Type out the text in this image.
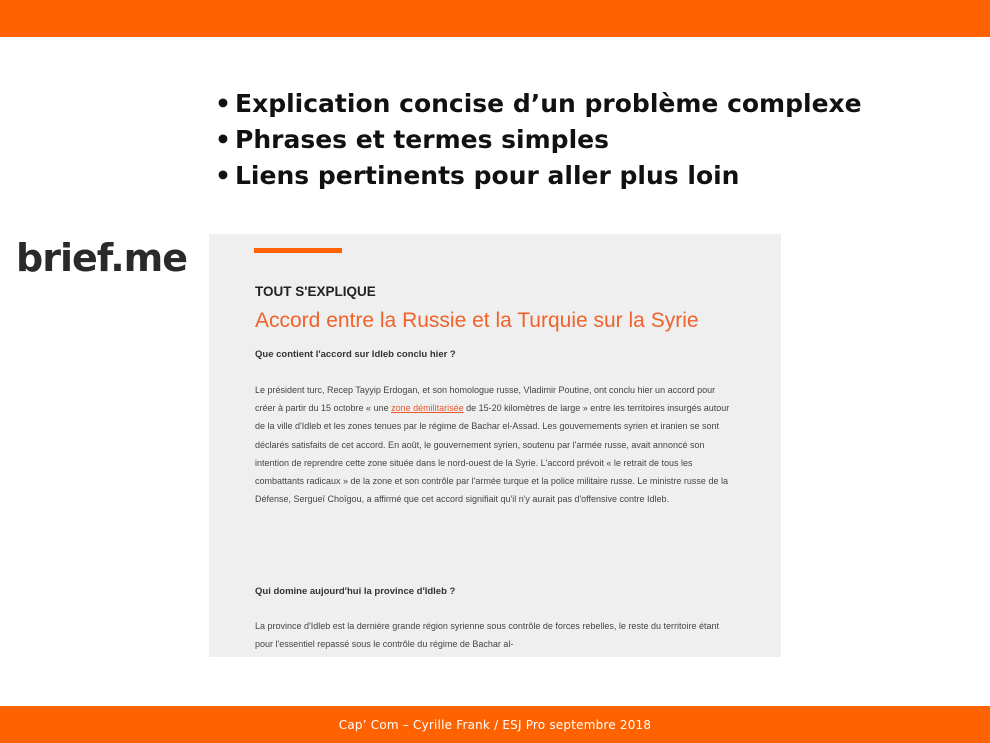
• Explication concise d’un problème complexe
• Phrases et termes simples
• Liens pertinents pour aller plus loin
brief.me
TOUT S'EXPLIQUE
Accord entre la Russie et la Turquie sur la Syrie
Que contient l'accord sur Idleb conclu hier ?

Le président turc, Recep Tayyip Erdogan, et son homologue russe, Vladimir Poutine, ont conclu hier un accord pour créer à partir du 15 octobre « une zone démilitarisée de 15-20 kilomètres de large » entre les territoires insurgés autour de la ville d'Idleb et les zones tenues par le régime de Bachar el-Assad. Les gouvernements syrien et iranien se sont déclarés satisfaits de cet accord. En août, le gouvernement syrien, soutenu par l'armée russe, avait annoncé son intention de reprendre cette zone située dans le nord-ouest de la Syrie. L'accord prévoit « le retrait de tous les combattants radicaux » de la zone et son contrôle par l'armée turque et la police militaire russe. Le ministre russe de la Défense, Sergueï Choïgou, a affirmé que cet accord signifiait qu'il n'y aurait pas d'offensive contre Idleb.

Qui domine aujourd'hui la province d'Idleb ?

La province d'Idleb est la dernière grande région syrienne sous contrôle de forces rebelles, le reste du territoire étant pour l'essentiel repassé sous le contrôle du régime de Bachar al-

Cap’ Com – Cyrille Frank / ESJ Pro septembre 2018
